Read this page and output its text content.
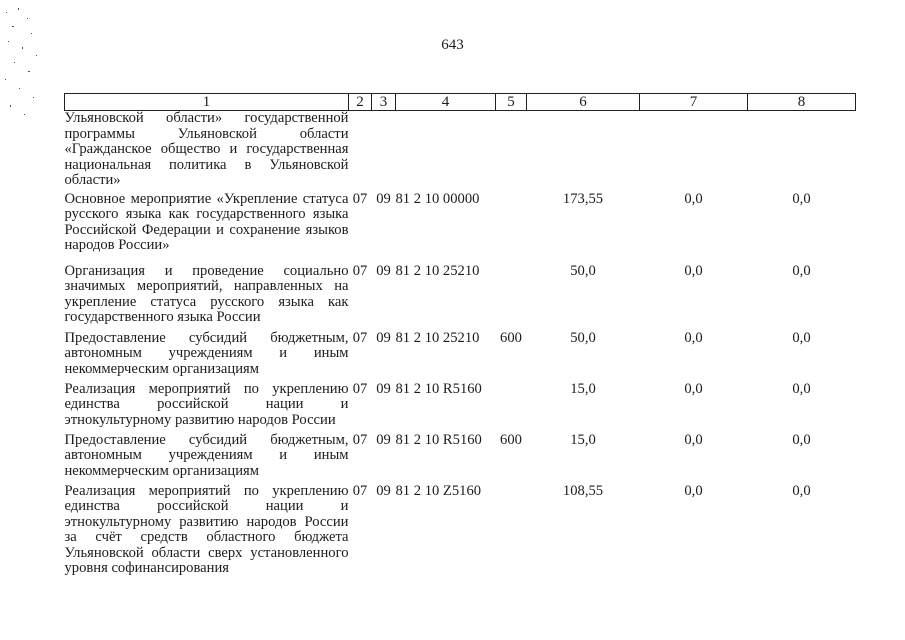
643
1	2	3	4	5	6	7	8
Ульяновской области» государственной программы Ульяновской области «Гражданское общество и государственная национальная политика в Ульяновской области»							
Основное мероприятие «Укрепление статуса русского языка как государственного языка Российской Федерации и сохранение языков народов России»	07	09	81 2 10 00000		173,55	0,0	0,0
Организация и проведение социально значимых мероприятий, направленных на укрепление статуса русского языка как государственного языка России	07	09	81 2 10 25210		50,0	0,0	0,0
Предоставление субсидий бюджетным, автономным учреждениям и иным некоммерческим организациям	07	09	81 2 10 25210	600	50,0	0,0	0,0
Реализация мероприятий по укреплению единства российской нации и этнокультурному развитию народов России	07	09	81 2 10 R5160		15,0	0,0	0,0
Предоставление субсидий бюджетным, автономным учреждениям и иным некоммерческим организациям	07	09	81 2 10 R5160	600	15,0	0,0	0,0
Реализация мероприятий по укреплению единства российской нации и этнокультурному развитию народов России за счёт средств областного бюджета Ульяновской области сверх установленного уровня софинансирования	07	09	81 2 10 Z5160		108,55	0,0	0,0
